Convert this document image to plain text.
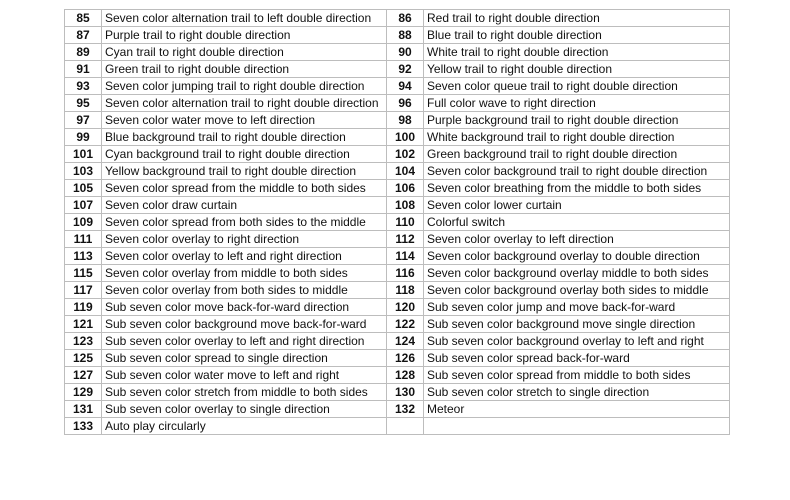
85	Seven color alternation trail to left double direction	86	Red trail to right double direction
87	Purple trail to right double direction	88	Blue trail to right double direction
89	Cyan trail to right double direction	90	White trail to right double direction
91	Green trail to right double direction	92	Yellow trail to right double direction
93	Seven color jumping trail to right double direction	94	Seven color queue trail to right double direction
95	Seven color alternation trail to right double direction	96	Full color wave to right direction
97	Seven color water move to left direction	98	Purple background trail to right double direction
99	Blue background trail to right double direction	100	White background trail to right double direction
101	Cyan background trail to right double direction	102	Green background trail to right double direction
103	Yellow background trail to right double direction	104	Seven color background trail to right double direction
105	Seven color spread from the middle to both sides	106	Seven color breathing from the middle to both sides
107	Seven color draw curtain	108	Seven color lower curtain
109	Seven color spread from both sides to the middle	110	Colorful switch
111	Seven color overlay to right direction	112	Seven color overlay to left direction
113	Seven color overlay to left and right direction	114	Seven color background overlay to double direction
115	Seven color overlay from middle to both sides	116	Seven color background overlay middle to both sides
117	Seven color overlay from both sides to middle	118	Seven color background overlay both sides to middle
119	Sub seven color move back-for-ward direction	120	Sub seven color jump and move back-for-ward
121	Sub seven color background move back-for-ward	122	Sub seven color background move single direction
123	Sub seven color overlay to left and right direction	124	Sub seven color background overlay to left and right
125	Sub seven color spread to single direction	126	Sub seven color spread back-for-ward
127	Sub seven color water move to left and right	128	Sub seven color spread from middle to both sides
129	Sub seven color stretch from middle to both sides	130	Sub seven color stretch to single direction
131	Sub seven color overlay to single direction	132	Meteor
133	Auto play circularly		
